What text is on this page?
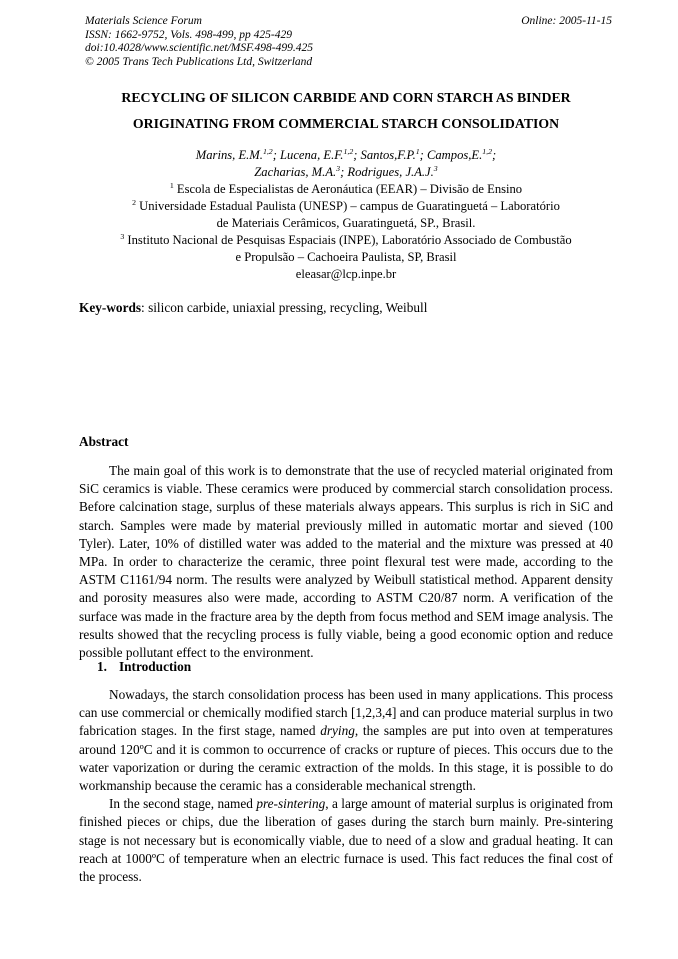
Materials Science Forum
ISSN: 1662-9752, Vols. 498-499, pp 425-429
doi:10.4028/www.scientific.net/MSF.498-499.425
© 2005 Trans Tech Publications Ltd, Switzerland
Online: 2005-11-15
RECYCLING OF SILICON CARBIDE AND CORN STARCH AS BINDER
ORIGINATING FROM COMMERCIAL STARCH CONSOLIDATION
Marins, E.M.$^{1,2}$; Lucena, E.F.$^{1,2}$; Santos,F.P.$^1$; Campos,E.$^{1,2}$;
Zacharias, M.A.$^3$; Rodrigues, J.A.J.$^3$
$^1$ Escola de Especialistas de Aeronáutica (EEAR) – Divisão de Ensino
$^2$ Universidade Estadual Paulista (UNESP) – campus de Guaratinguetá – Laboratório
de Materiais Cerâmicos, Guaratinguetá, SP., Brasil.
$^3$ Instituto Nacional de Pesquisas Espaciais (INPE), Laboratório Associado de Combustão
e Propulsão – Cachoeira Paulista, SP, Brasil
eleasar@lcp.inpe.br
Key-words: silicon carbide, uniaxial pressing, recycling, Weibull
Abstract
The main goal of this work is to demonstrate that the use of recycled material originated from SiC ceramics is viable. These ceramics were produced by commercial starch consolidation process. Before calcination stage, surplus of these materials always appears. This surplus is rich in SiC and starch. Samples were made by material previously milled in automatic mortar and sieved (100 Tyler). Later, 10% of distilled water was added to the material and the mixture was pressed at 40 MPa. In order to characterize the ceramic, three point flexural test were made, according to the ASTM C1161/94 norm. The results were analyzed by Weibull statistical method. Apparent density and porosity measures also were made, according to ASTM C20/87 norm. A verification of the surface was made in the fracture area by the depth from focus method and SEM image analysis. The results showed that the recycling process is fully viable, being a good economic option and reduce possible pollutant effect to the environment.
1. Introduction

Nowadays, the starch consolidation process has been used in many applications. This process can use commercial or chemically modified starch [1,2,3,4] and can produce material surplus in two fabrication stages. In the first stage, named drying, the samples are put into oven at temperatures around 120ºC and it is common to occurrence of cracks or rupture of pieces. This occurs due to the water vaporization or during the ceramic extraction of the molds. In this stage, it is possible to do workmanship because the ceramic has a considerable mechanical strength.

In the second stage, named pre-sintering, a large amount of material surplus is originated from finished pieces or chips, due the liberation of gases during the starch burn mainly. Pre-sintering stage is not necessary but is economically viable, due to need of a slow and gradual heating. It can reach at 1000ºC of temperature when an electric furnace is used. This fact reduces the final cost of the process.
